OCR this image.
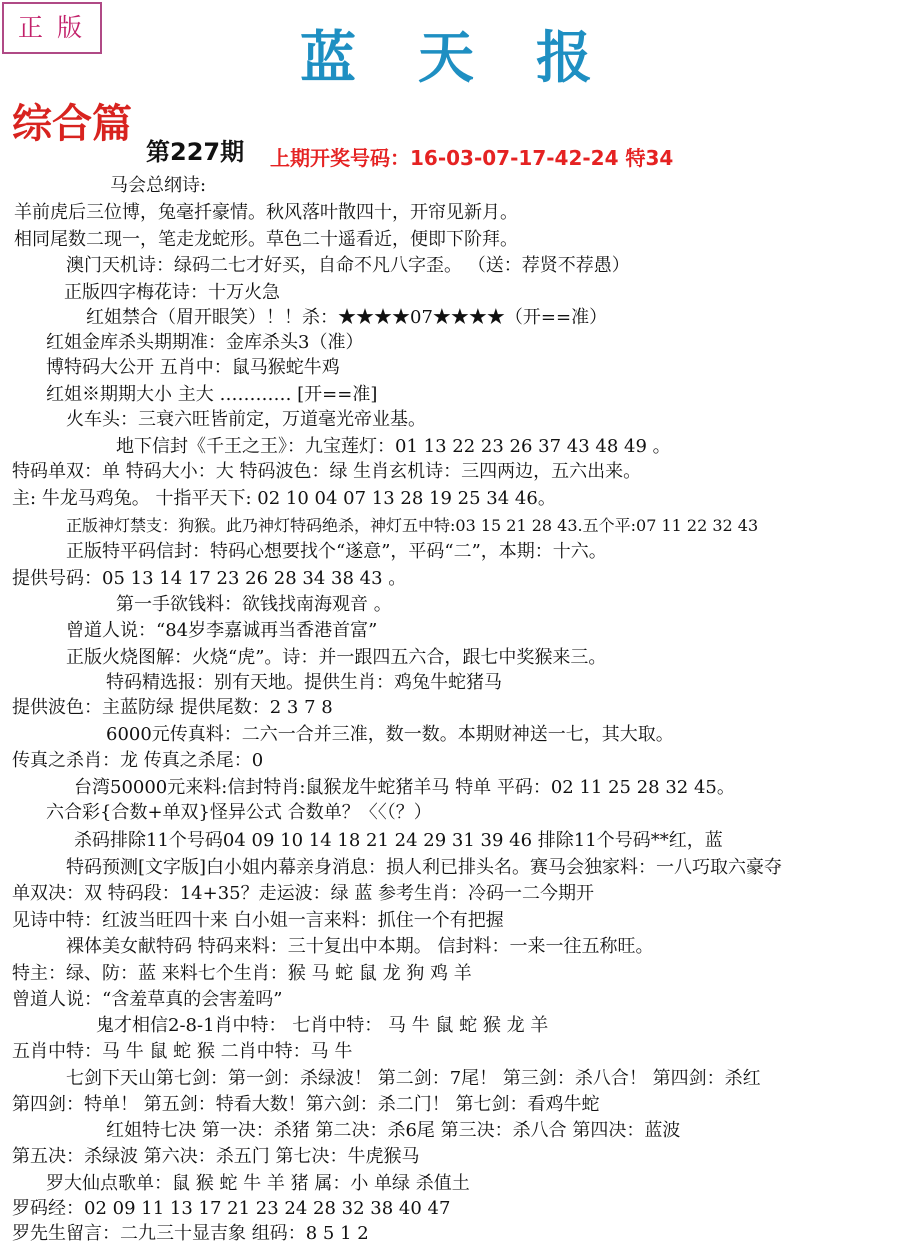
正版	蓝天报
综合篇
第227期 上期开奖号码：16-03-07-17-42-24 特34
马会总纲诗:
羊前虎后三位博，兔毫扦豪情。秋风落叶散四十，开帘见新月。
相同尾数二现一，笔走龙蛇形。草色二十遥看近，便即下阶拜。
澳门天机诗：绿码二七才好买，自命不凡八字歪。 （送：荐贤不荐愚）
正版四字梅花诗：十万火急
红姐禁合（眉开眼笑）！！杀：★★★★07★★★★（开==准）
红姐金库杀头期期准：金库杀头3（准）
博特码大公开 五肖中：鼠马猴蛇牛鸡
红姐※期期大小 主大 ………… [开==准]
火车头：三衰六旺皆前定，万道毫光帝业基。
地下信封《千王之王》：九宝莲灯：01 13 22 23 26 37 43 48 49 。
特码单双：单 特码大小：大 特码波色：绿 生肖玄机诗：三四两边，五六出来。
主: 牛龙马鸡兔。 十指平天下: 02 10 04 07 13 28 19 25 34 46。
正版神灯禁支：狗猴。此乃神灯特码绝杀，神灯五中特:03 15 21 28 43.五个平:07 11 22 32 43
正版特平码信封：特码心想要找个“遂意”，平码“二”，本期：十六。
提供号码：05 13 14 17 23 26 28 34 38 43 。
第一手欲钱料：欲钱找南海观音 。
曾道人说：“84岁李嘉诚再当香港首富”
正版火烧图解：火烧“虎”。诗：并一跟四五六合，跟七中奖猴来三。
特码精选报：别有天地。提供生肖：鸡兔牛蛇猪马
提供波色：主蓝防绿 提供尾数：2 3 7 8
6000元传真料：二六一合并三准，数一数。本期财神送一七，其大取。
传真之杀肖：龙 传真之杀尾：0
台湾50000元来料:信封特肖:鼠猴龙牛蛇猪羊马 特单 平码：02 11 25 28 32 45。
六合彩{合数+单双}怪异公式 合数单？〈〈（？）
杀码排除11个号码04 09 10 14 18 21 24 29 31 39 46 排除11个号码**红，蓝
特码预测[文字版]白小姐内幕亲身消息：损人利已排头名。赛马会独家料：一八巧取六豪夺
单双决：双 特码段：14+35？走运波：绿 蓝 参考生肖：冷码一二今期开
见诗中特：红波当旺四十来 白小姐一言来料：抓住一个有把握
裸体美女献特码 特码来料：三十复出中本期。 信封料：一来一往五称旺。
特主：绿、防：蓝 来料七个生肖：猴 马 蛇 鼠 龙 狗 鸡 羊
曾道人说：“含羞草真的会害羞吗”
鬼才相信2-8-1肖中特： 七肖中特： 马 牛 鼠 蛇 猴 龙 羊
五肖中特：马 牛 鼠 蛇 猴 二肖中特：马 牛
七剑下天山第七剑：第一剑：杀绿波！ 第二剑：7尾！ 第三剑：杀八合！ 第四剑：杀红
第四剑：特单！ 第五剑：特看大数！第六剑：杀二门！ 第七剑：看鸡牛蛇
红姐特七决 第一决：杀猪 第二决：杀6尾 第三决：杀八合 第四决：蓝波
第五决：杀绿波 第六决：杀五门 第七决：牛虎猴马
罗大仙点歌单：鼠 猴 蛇 牛 羊 猪 属：小 单绿 杀值土
罗码经：02 09 11 13 17 21 23 24 28 32 38 40 47
罗先生留言：二九三十显吉象 组码：8 5 1 2
